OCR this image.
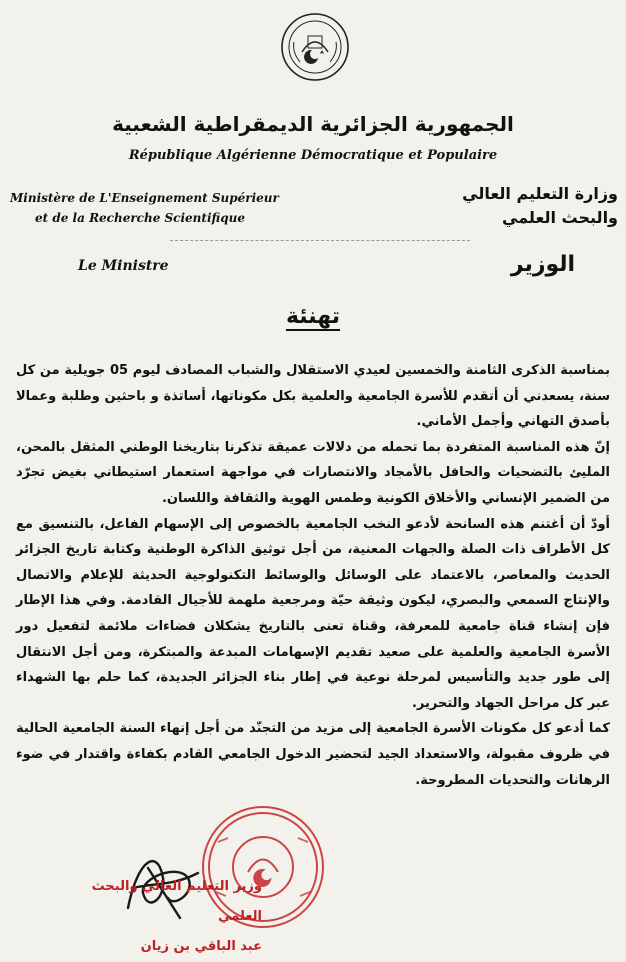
الجمهورية الجزائرية الديمقراطية الشعبية
République Algérienne Démocratique et Populaire
Ministère de L'Enseignement Supérieur
et de la Recherche Scientifique
وزارة التعليم العالي
والبحث العلمي
Le Ministre	الوزير
تهنئة

بمناسبة الذكرى الثامنة والخمسين لعيدي الاستقلال والشباب المصادف ليوم 05 جويلية من كل سنة، يسعدني أن أتقدم للأسرة الجامعية والعلمية بكل مكوناتها، أساتذة و باحثين وطلبة وعمالا بأصدق التهاني وأجمل الأماني.

إنّ هذه المناسبة المتفردة بما تحمله من دلالات عميقة تذكرنا بتاريخنا الوطني المثقل بالمحن، المليئ بالتضحيات والحافل بالأمجاد والانتصارات في مواجهة استعمار استيطاني بغيض تجرّد من الضمير الإنساني والأخلاق الكونية وطمس الهوية والثقافة واللسان.

أودّ أن أغتنم هذه السانحة لأدعو النخب الجامعية بالخصوص إلى الإسهام الفاعل، بالتنسيق مع كل الأطراف ذات الصلة والجهات المعنية، من أجل توثيق الذاكرة الوطنية وكتابة تاريخ الجزائر الحديث والمعاصر، بالاعتماد على الوسائل والوسائط التكنولوجية الحديثة للإعلام والاتصال والإنتاج السمعي والبصري، ليكون وثيقة حيّة ومرجعية ملهمة للأجيال القادمة. وفي هذا الإطار فإن إنشاء قناة جامعية للمعرفة، وقناة تعنى بالتاريخ يشكلان فضاءات ملائمة لتفعيل دور الأسرة الجامعية والعلمية على صعيد تقديم الإسهامات المبدعة والمبتكرة، ومن أجل الانتقال إلى طور جديد والتأسيس لمرحلة نوعية في إطار بناء الجزائر الجديدة، كما حلم بها الشهداء عبر كل مراحل الجهاد والتحرير.

كما أدعو كل مكونات الأسرة الجامعية إلى مزيد من التجنّد من أجل إنهاء السنة الجامعية الحالية في ظروف مقبولة، والاستعداد الجيد لتحضير الدخول الجامعي القادم بكفاءة واقتدار في ضوء الرهانات والتحديات المطروحة.

وزير التعليم العالي والبحث العلمي
عبد الباقي بن زيان
